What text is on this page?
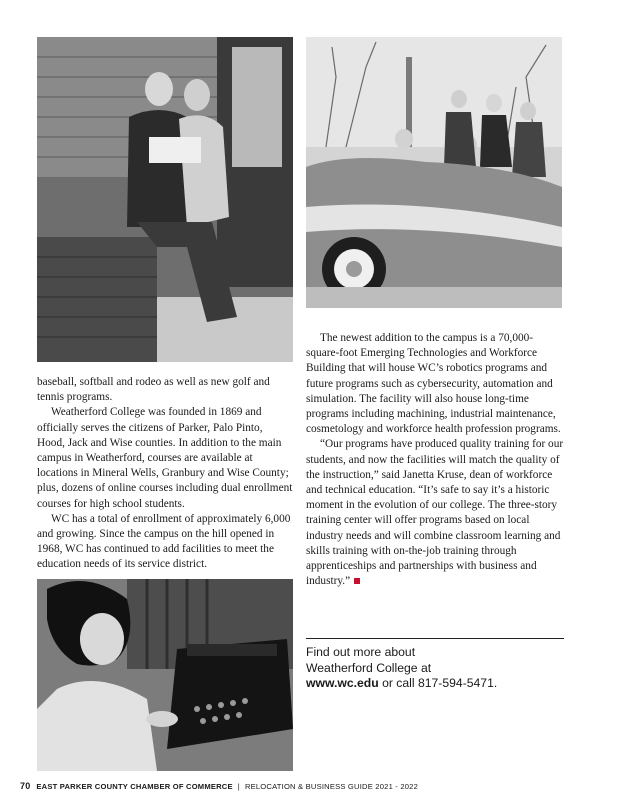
baseball, softball and rodeo as well as new golf and tennis programs.

Weatherford College was founded in 1869 and officially serves the citizens of Parker, Palo Pinto, Hood, Jack and Wise counties. In addition to the main campus in Weatherford, courses are available at locations in Mineral Wells, Granbury and Wise County; plus, dozens of online courses including dual enrollment courses for high school students.

WC has a total of enrollment of approximately 6,000 and growing. Since the campus on the hill opened in 1968, WC has continued to add facilities to meet the education needs of its service district.

The newest addition to the campus is a 70,000-square-foot Emerging Technologies and Workforce Building that will house WC’s robotics programs and future programs such as cybersecurity, automation and simulation. The facility will also house long-time programs including machining, industrial maintenance, cosmetology and workforce health profession programs.

“Our programs have produced quality training for our students, and now the facilities will match the quality of the instruction,” said Janetta Kruse, dean of workforce and technical education. “It’s safe to say it’s a historic moment in the evolution of our college. The three-story training center will offer programs based on local industry needs and will combine classroom learning and skills training with on-the-job training through apprenticeships and partnerships with business and industry.”

Find out more about
Weatherford College at
www.wc.edu or call 817-594-5471.
70 EAST PARKER COUNTY CHAMBER OF COMMERCE | RELOCATION & BUSINESS GUIDE 2021 - 2022
